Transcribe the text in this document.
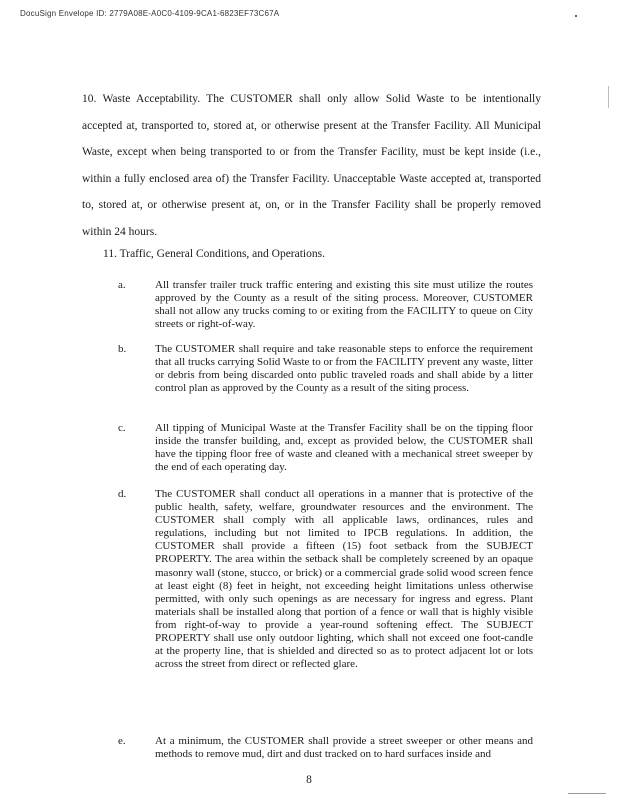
DocuSign Envelope ID: 2779A08E-A0C0-4109-9CA1-6823EF73C67A

10. Waste Acceptability. The CUSTOMER shall only allow Solid Waste to be intentionally accepted at, transported to, stored at, or otherwise present at the Transfer Facility. All Municipal Waste, except when being transported to or from the Transfer Facility, must be kept inside (i.e., within a fully enclosed area of) the Transfer Facility. Unacceptable Waste accepted at, transported to, stored at, or otherwise present at, on, or in the Transfer Facility shall be properly removed within 24 hours.

11. Traffic, General Conditions, and Operations.

a.	All transfer trailer truck traffic entering and existing this site must utilize the routes approved by the County as a result of the siting process. Moreover, CUSTOMER shall not allow any trucks coming to or exiting from the FACILITY to queue on City streets or right-of-way.

b.	The CUSTOMER shall require and take reasonable steps to enforce the requirement that all trucks carrying Solid Waste to or from the FACILITY prevent any waste, litter or debris from being discarded onto public traveled roads and shall abide by a litter control plan as approved by the County as a result of the siting process.

c.	All tipping of Municipal Waste at the Transfer Facility shall be on the tipping floor inside the transfer building, and, except as provided below, the CUSTOMER shall have the tipping floor free of waste and cleaned with a mechanical street sweeper by the end of each operating day.

d.	The CUSTOMER shall conduct all operations in a manner that is protective of the public health, safety, welfare, groundwater resources and the environment. The CUSTOMER shall comply with all applicable laws, ordinances, rules and regulations, including but not limited to IPCB regulations. In addition, the CUSTOMER shall provide a fifteen (15) foot setback from the SUBJECT PROPERTY. The area within the setback shall be completely screened by an opaque masonry wall (stone, stucco, or brick) or a commercial grade solid wood screen fence at least eight (8) feet in height, not exceeding height limitations unless otherwise permitted, with only such openings as are necessary for ingress and egress. Plant materials shall be installed along that portion of a fence or wall that is highly visible from right-of-way to provide a year-round softening effect. The SUBJECT PROPERTY shall use only outdoor lighting, which shall not exceed one foot-candle at the property line, that is shielded and directed so as to protect adjacent lot or lots across the street from direct or reflected glare.

e.	At a minimum, the CUSTOMER shall provide a street sweeper or other means and methods to remove mud, dirt and dust tracked on to hard surfaces inside and

8
